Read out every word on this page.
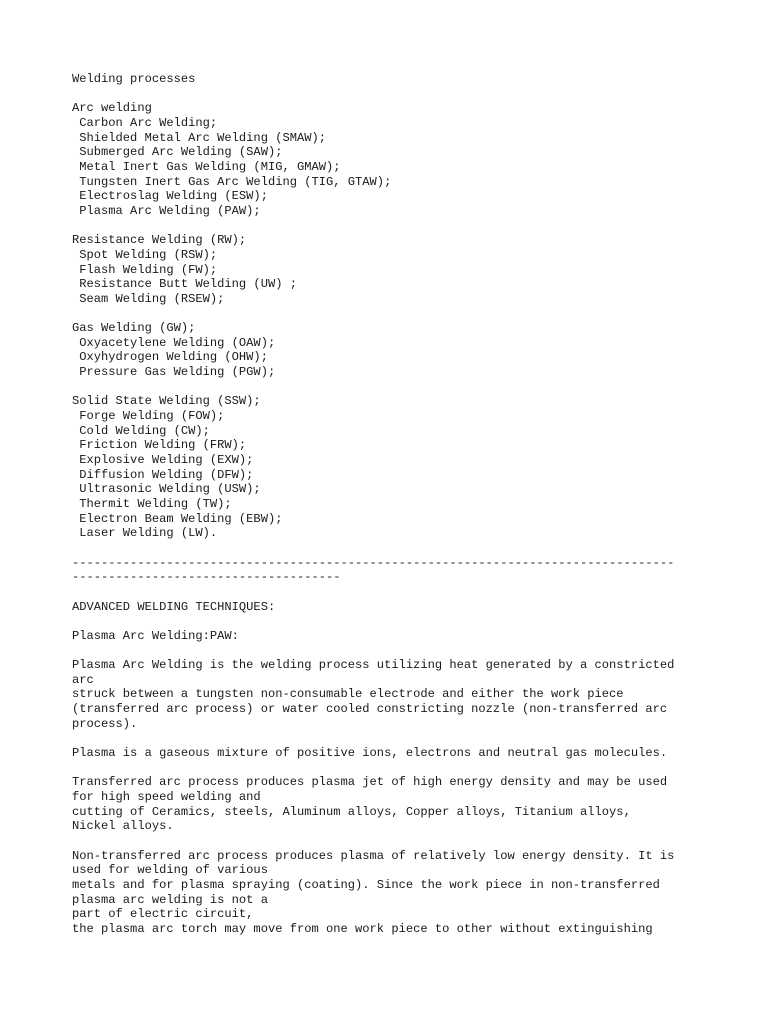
Welding processes
Arc welding
Carbon Arc Welding;
Shielded Metal Arc Welding (SMAW);
Submerged Arc Welding (SAW);
Metal Inert Gas Welding (MIG, GMAW);
Tungsten Inert Gas Arc Welding (TIG, GTAW);
Electroslag Welding (ESW);
Plasma Arc Welding (PAW);
Resistance Welding (RW);
Spot Welding (RSW);
Flash Welding (FW);
Resistance Butt Welding (UW) ;
Seam Welding (RSEW);
Gas Welding (GW);
Oxyacetylene Welding (OAW);
Oxyhydrogen Welding (OHW);
Pressure Gas Welding (PGW);
Solid State Welding (SSW);
Forge Welding (FOW);
Cold Welding (CW);
Friction Welding (FRW);
Explosive Welding (EXW);
Diffusion Welding (DFW);
Ultrasonic Welding (USW);
Thermit Welding (TW);
Electron Beam Welding (EBW);
Laser Welding (LW).
-----------------------------------------------------------------------------------
-------------------------------------
ADVANCED WELDING TECHNIQUES:
Plasma Arc Welding:PAW:
Plasma Arc Welding is the welding process utilizing heat generated by a constricted
arc
struck between a tungsten non-consumable electrode and either the work piece
(transferred arc process) or water cooled constricting nozzle (non-transferred arc
process).
Plasma is a gaseous mixture of positive ions, electrons and neutral gas molecules.
Transferred arc process produces plasma jet of high energy density and may be used
for high speed welding and
cutting of Ceramics, steels, Aluminum alloys, Copper alloys, Titanium alloys,
Nickel alloys.
Non-transferred arc process produces plasma of relatively low energy density. It is
used for welding of various
metals and for plasma spraying (coating). Since the work piece in non-transferred
plasma arc welding is not a
part of electric circuit,
the plasma arc torch may move from one work piece to other without extinguishing
